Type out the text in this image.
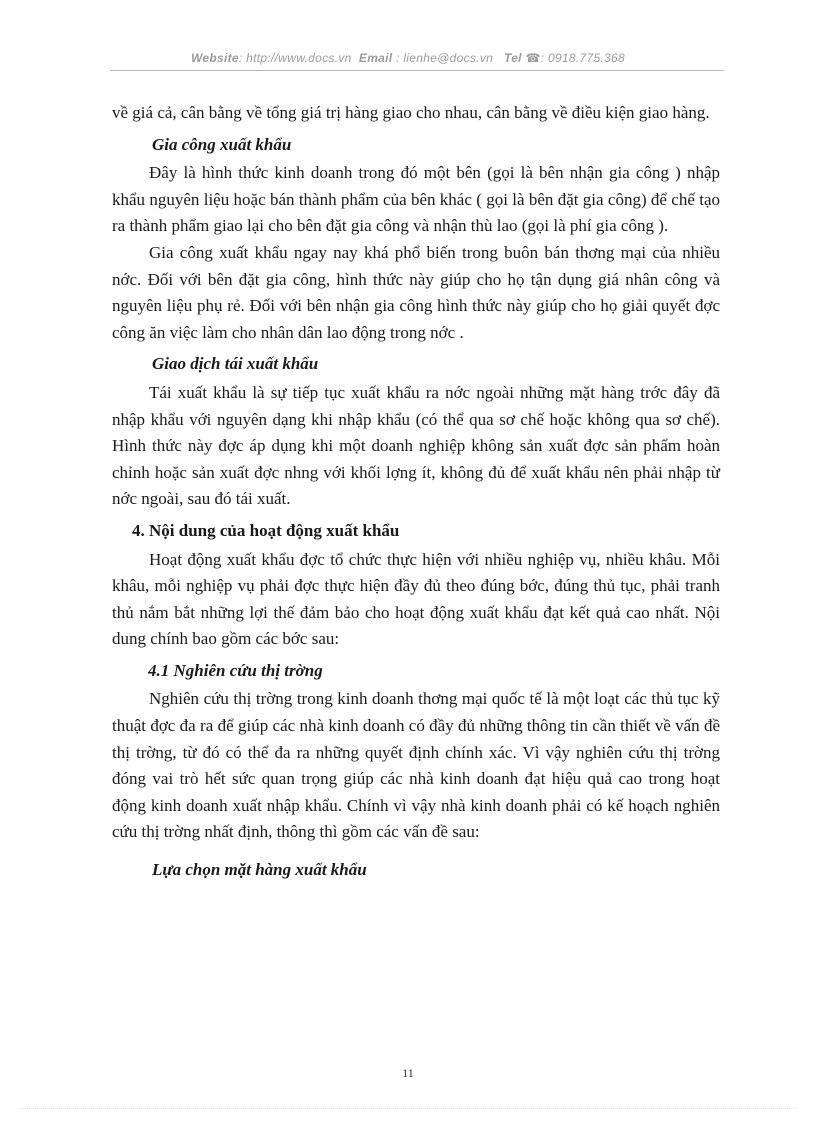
Website: http://www.docs.vn Email : lienhe@docs.vn Tel ☎: 0918.775.368

về giá cả, cân bằng về tổng giá trị hàng giao cho nhau, cân bằng về điều kiện giao hàng.

Gia công xuất khẩu

Đây là hình thức kinh doanh trong đó một bên (gọi là bên nhận gia công ) nhập khẩu nguyên liệu hoặc bán thành phẩm của bên khác ( gọi là bên đặt gia công) để chế tạo ra thành phẩm giao lại cho bên đặt gia công và nhận thù lao (gọi là phí gia công ).

Gia công xuất khẩu ngay nay khá phổ biến trong buôn bán thơng mại của nhiều nớc. Đối với bên đặt gia công, hình thức này giúp cho họ tận dụng giá nhân công và nguyên liệu phụ rẻ. Đối với bên nhận gia công hình thức này giúp cho họ giải quyết đợc công ăn việc làm cho nhân dân lao động trong nớc .

Giao dịch tái xuất khẩu

Tái xuất khẩu là sự tiếp tục xuất khẩu ra nớc ngoài những mặt hàng trớc đây đã nhập khẩu với nguyên dạng khi nhập khẩu (có thể qua sơ chế hoặc không qua sơ chế). Hình thức này đợc áp dụng khi một doanh nghiệp không sản xuất đợc sản phẩm hoàn chỉnh hoặc sản xuất đợc nhng với khối lợng ít, không đủ để xuất khẩu nên phải nhập từ nớc ngoài, sau đó tái xuất.

4. Nội dung của hoạt động xuất khẩu

Hoạt động xuất khẩu đợc tổ chức thực hiện với nhiều nghiệp vụ, nhiều khâu. Mỗi khâu, mỗi nghiệp vụ phải đợc thực hiện đầy đủ theo đúng bớc, đúng thủ tục, phải tranh thủ nắm bắt những lợi thế đảm bảo cho hoạt động xuất khẩu đạt kết quả cao nhất. Nội dung chính bao gồm các bớc sau:

4.1 Nghiên cứu thị trờng

Nghiên cứu thị trờng trong kinh doanh thơng mại quốc tế là một loạt các thủ tục kỹ thuật đợc đa ra để giúp các nhà kinh doanh có đầy đủ những thông tin cần thiết về vấn đề thị trờng, từ đó có thể đa ra những quyết định chính xác. Vì vậy nghiên cứu thị trờng đóng vai trò hết sức quan trọng giúp các nhà kinh doanh đạt hiệu quả cao trong hoạt động kinh doanh xuất nhập khẩu. Chính vì vậy nhà kinh doanh phải có kế hoạch nghiên cứu thị trờng nhất định, thông thì gồm các vấn đề sau:

Lựa chọn mặt hàng xuất khẩu

11
